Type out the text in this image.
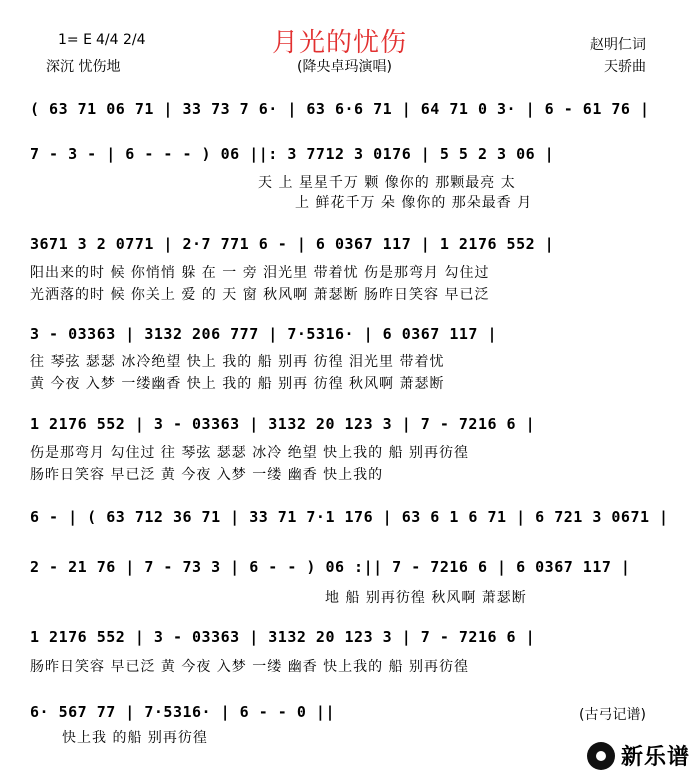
1= E 4/4 2/4	月光的忧伤
(降央卓玛演唱)
深沉 忧伤地
赵明仁词
天骄曲
( 63 71 06 71 | 33 73 7 6· | 63 6·6 71 | 64 71 0 3· | 6 - 61 76 |
7 - 3 - | 6 - - - ) 06 ||: 3 7712 3 0176 | 5 5 2 3 06 |
天 上 星星千万 颗 像你的 那颗最亮 太
上 鲜花千万 朵 像你的 那朵最香 月
3671 3 2 0771 | 2·7 771 6 - | 6 0367 117 | 1 2176 552 |
阳出来的时 候 你悄悄 躲 在 一 旁 泪光里 带着忧 伤是那弯月 勾住过
光洒落的时 候 你关上 爱 的 天 窗 秋风啊 萧瑟断 肠昨日笑容 早已泛
3 - 03363 | 3132 206 777 | 7·5316· | 6 0367 117 |
往 琴弦 瑟瑟 冰冷绝望 快上 我的 船 别再 彷徨 泪光里 带着忧
黄 今夜 入梦 一缕幽香 快上 我的 船 别再 彷徨 秋风啊 萧瑟断
1 2176 552 | 3 - 03363 | 3132 20 123 3 | 7 - 7216 6 |
伤是那弯月 勾住过 往 琴弦 瑟瑟 冰冷 绝望 快上我的 船 别再彷徨
肠昨日笑容 早已泛 黄 今夜 入梦 一缕 幽香 快上我的
6 - | ( 63 712 36 71 | 33 71 7·1 176 | 63 6 1 6 71 | 6 721 3 0671 |
2 - 21 76 | 7 - 73 3 | 6 - - ) 06 :|| 7 - 7216 6 | 6 0367 117 |
地 船 别再彷徨 秋风啊 萧瑟断
1 2176 552 | 3 - 03363 | 3132 20 123 3 | 7 - 7216 6 |
肠昨日笑容 早已泛 黄 今夜 入梦 一缕 幽香 快上我的 船 别再彷徨
6· 567 77 | 7·5316· | 6 - - 0 ||
快上我 的船 别再彷徨
(古弓记谱)
新乐谱
